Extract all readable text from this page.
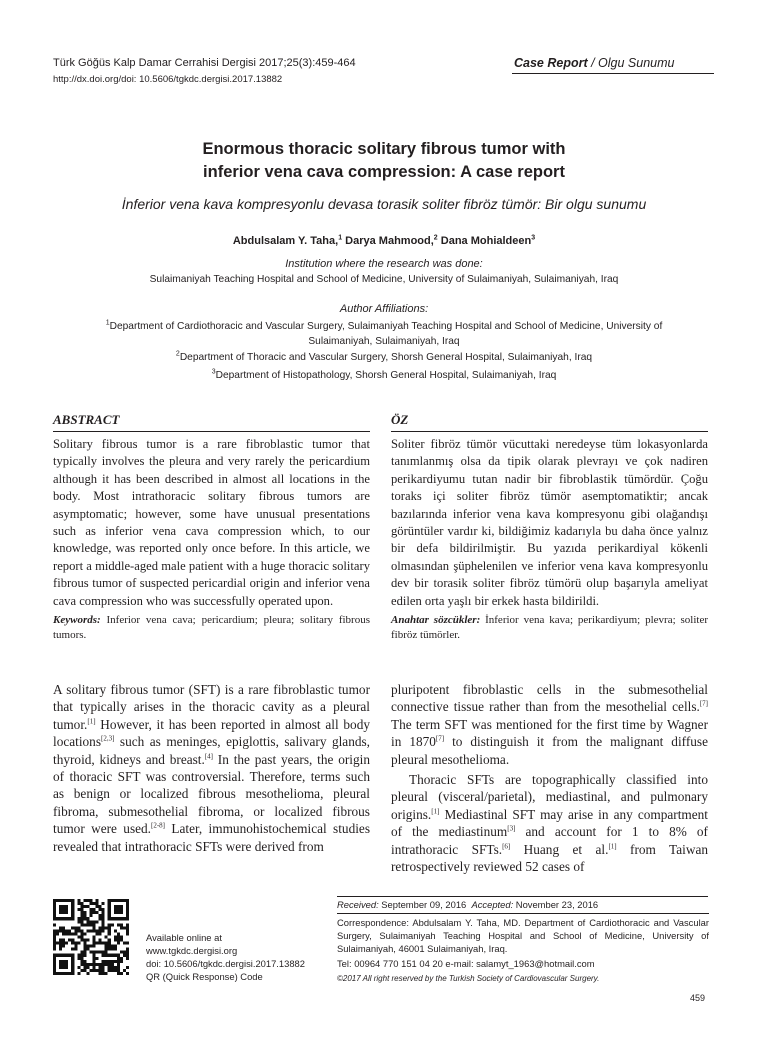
Türk Göğüs Kalp Damar Cerrahisi Dergisi 2017;25(3):459-464
http://dx.doi.org/doi: 10.5606/tgkdc.dergisi.2017.13882
Case Report / Olgu Sunumu
Enormous thoracic solitary fibrous tumor with
inferior vena cava compression: A case report
İnferior vena kava kompresyonlu devasa torasik soliter fibröz tümör: Bir olgu sunumu
Abdulsalam Y. Taha,$^1$ Darya Mahmood,$^2$ Dana Mohialdeen$^3$
Institution where the research was done:
Sulaimaniyah Teaching Hospital and School of Medicine, University of Sulaimaniyah, Sulaimaniyah, Iraq
Author Affiliations:
$^1$Department of Cardiothoracic and Vascular Surgery, Sulaimaniyah Teaching Hospital and School of Medicine, University of
Sulaimaniyah, Sulaimaniyah, Iraq
$^2$Department of Thoracic and Vascular Surgery, Shorsh General Hospital, Sulaimaniyah, Iraq
$^3$Department of Histopathology, Shorsh General Hospital, Sulaimaniyah, Iraq
ABSTRACT
Solitary fibrous tumor is a rare fibroblastic tumor that typically involves the pleura and very rarely the pericardium although it has been described in almost all locations in the body. Most intrathoracic solitary fibrous tumors are asymptomatic; however, some have unusual presentations such as inferior vena cava compression which, to our knowledge, was reported only once before. In this article, we report a middle-aged male patient with a huge thoracic solitary fibrous tumor of suspected pericardial origin and inferior vena cava compression who was successfully operated upon.
Keywords: Inferior vena cava; pericardium; pleura; solitary fibrous tumors.
ÖZ
Soliter fibröz tümör vücuttaki neredeyse tüm lokasyonlarda tanımlanmış olsa da tipik olarak plevrayı ve çok nadiren perikardiyumu tutan nadir bir fibroblastik tümördür. Çoğu toraks içi soliter fibröz tümör asemptomatiktir; ancak bazılarında inferior vena kava kompresyonu gibi olağandışı görüntüler vardır ki, bildiğimiz kadarıyla bu daha önce yalnız bir defa bildirilmiştir. Bu yazıda perikardiyal kökenli olmasından şüphelenilen ve inferior vena kava kompresyonlu dev bir torasik soliter fibröz tümörü olup başarıyla ameliyat edilen orta yaşlı bir erkek hasta bildirildi.
Anahtar sözcükler: İnferior vena kava; perikardiyum; plevra; soliter fibröz tümörler.

A solitary fibrous tumor (SFT) is a rare fibroblastic tumor that typically arises in the thoracic cavity as a pleural tumor.[1] However, it has been reported in almost all body locations[2,3] such as meninges, epiglottis, salivary glands, thyroid, kidneys and breast.[4] In the past years, the origin of thoracic SFT was controversial. Therefore, terms such as benign or localized fibrous mesothelioma, pleural fibroma, submesothelial fibroma, or localized fibrous tumor were used.[2-8] Later, immunohistochemical studies revealed that intrathoracic SFTs were derived from

pluripotent fibroblastic cells in the submesothelial connective tissue rather than from the mesothelial cells.[7] The term SFT was mentioned for the first time by Wagner in 1870[7] to distinguish it from the malignant diffuse pleural mesothelioma.

Thoracic SFTs are topographically classified into pleural (visceral/parietal), mediastinal, and pulmonary origins.[1] Mediastinal SFT may arise in any compartment of the mediastinum[3] and account for 1 to 8% of intrathoracic SFTs.[6] Huang et al.[1] from Taiwan retrospectively reviewed 52 cases of

Available online at
www.tgkdc.dergisi.org
doi: 10.5606/tgkdc.dergisi.2017.13882
QR (Quick Response) Code
Received: September 09, 2016 Accepted: November 23, 2016
Correspondence: Abdulsalam Y. Taha, MD. Department of Cardiothoracic and Vascular Surgery, Sulaimaniyah Teaching Hospital and School of Medicine, University of Sulaimaniyah, 46001 Sulaimaniyah, Iraq.
Tel: 00964 770 151 04 20 e-mail: salamyt_1963@hotmail.com
©2017 All right reserved by the Turkish Society of Cardiovascular Surgery.
459
